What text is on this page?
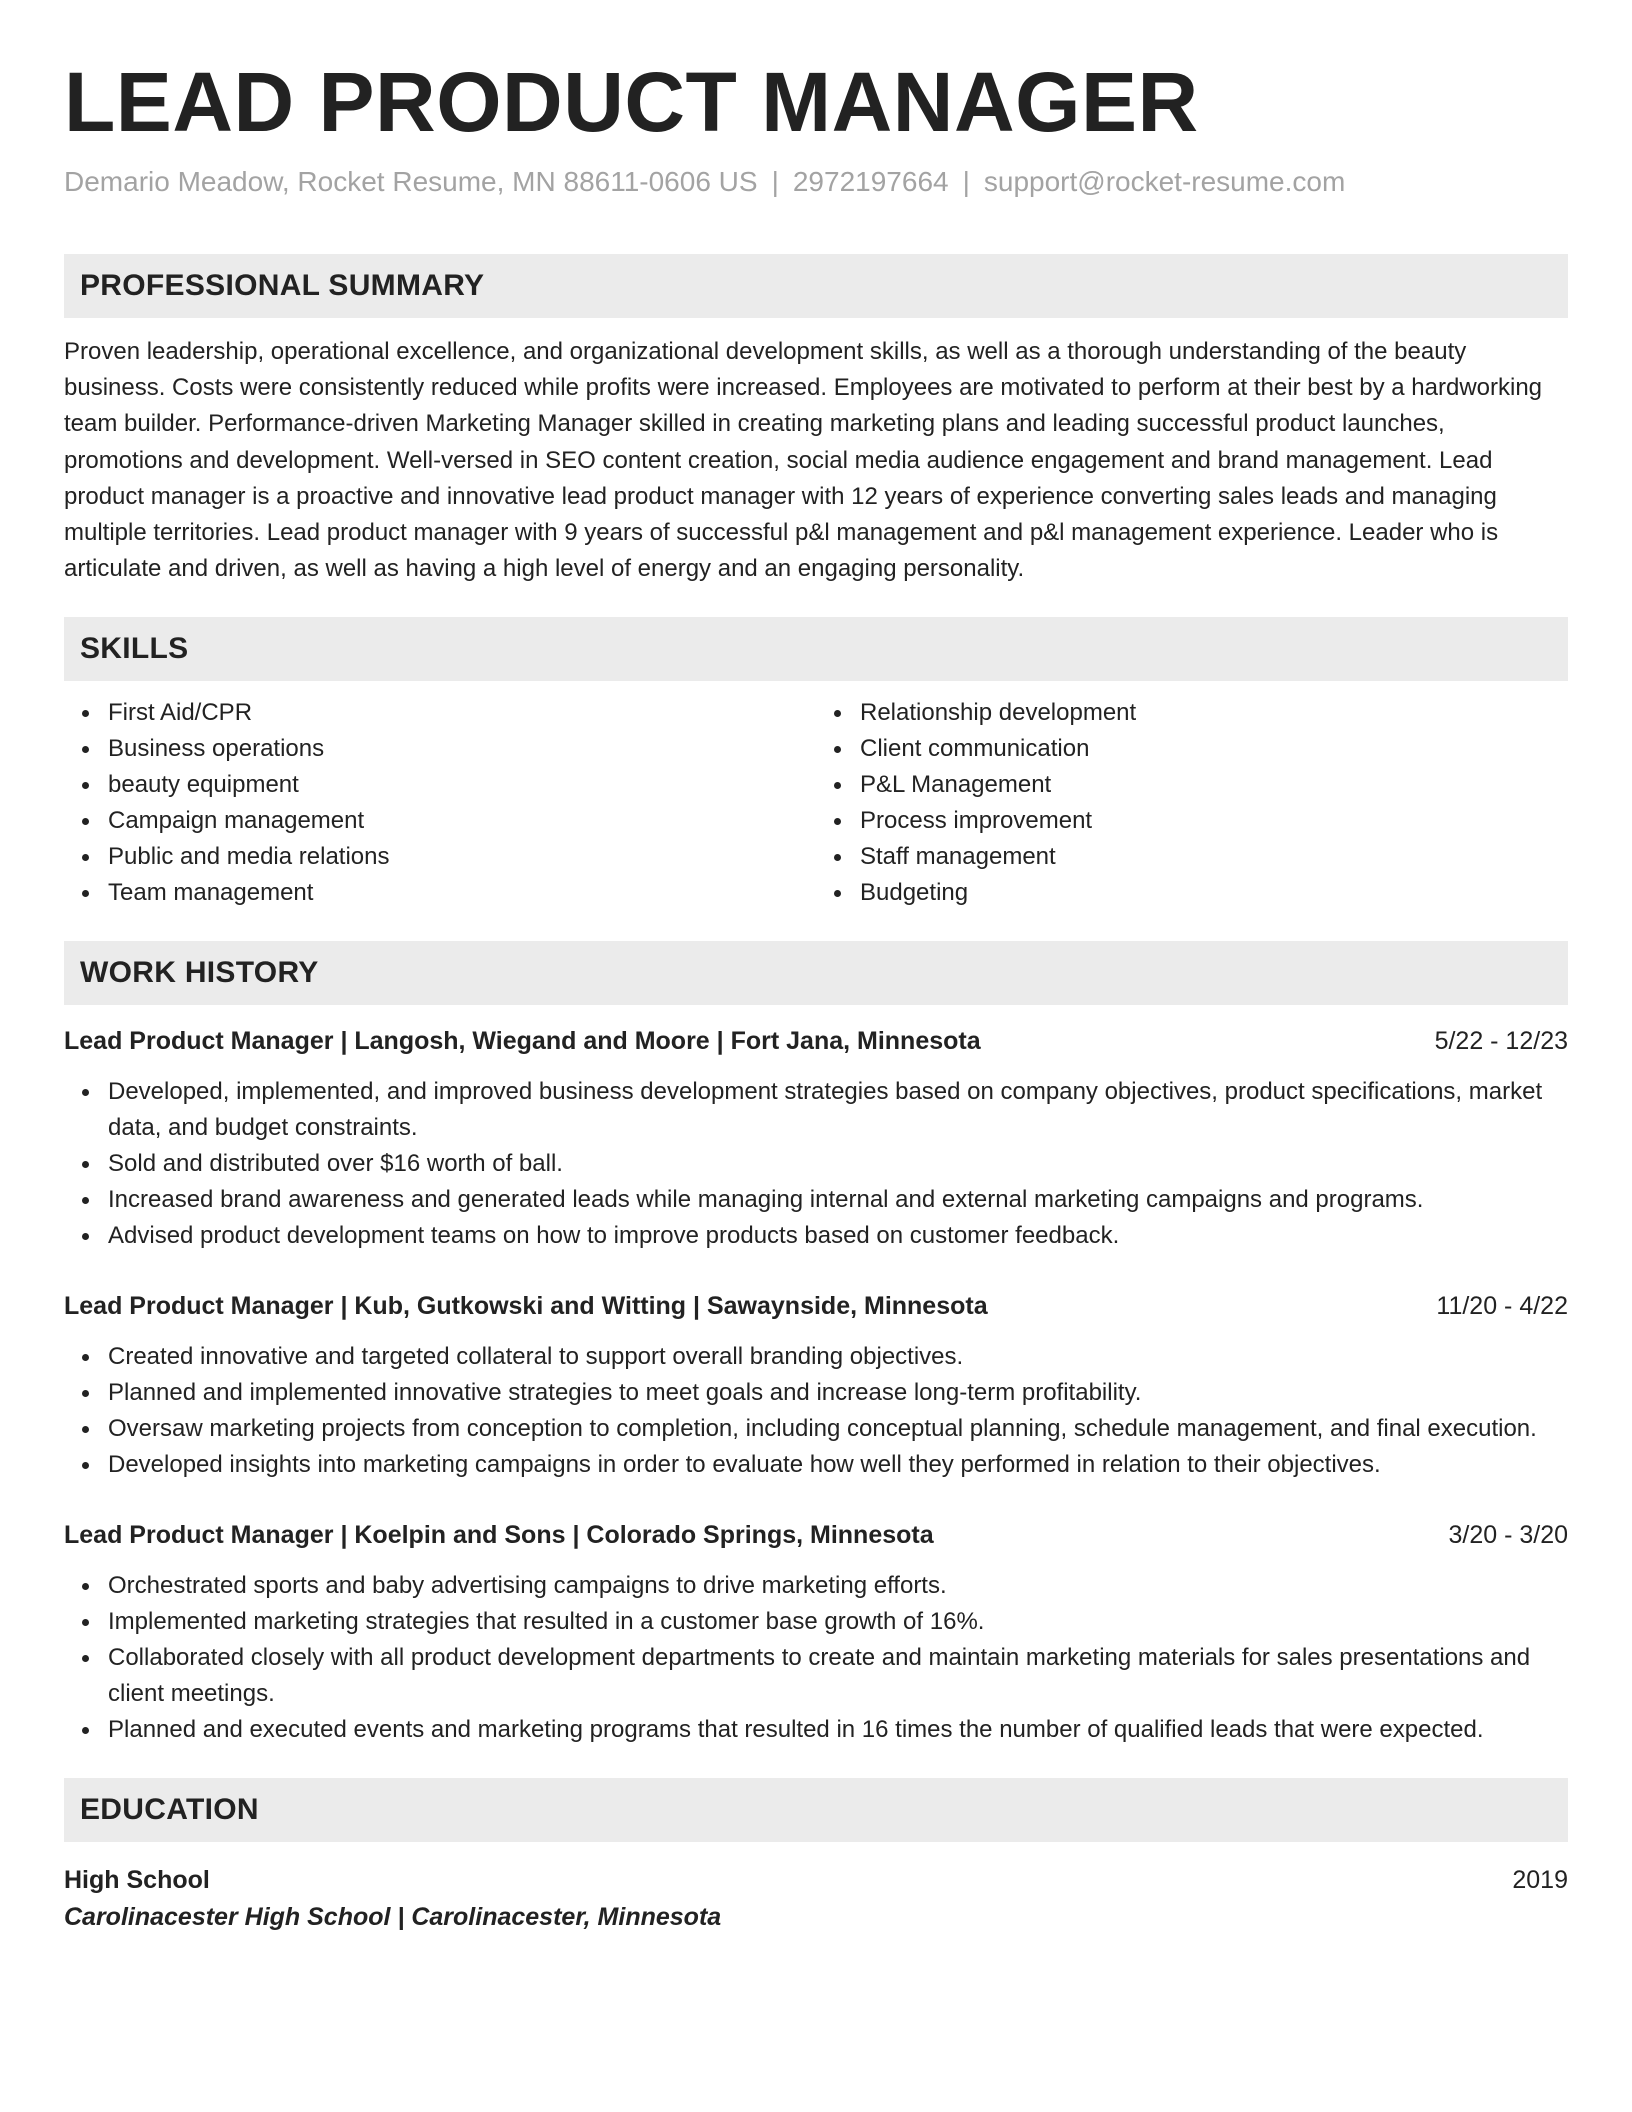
LEAD PRODUCT MANAGER
Demario Meadow, Rocket Resume, MN 88611-0606 US | 2972197664 | support@rocket-resume.com
PROFESSIONAL SUMMARY
Proven leadership, operational excellence, and organizational development skills, as well as a thorough understanding of the beauty business. Costs were consistently reduced while profits were increased. Employees are motivated to perform at their best by a hardworking team builder. Performance-driven Marketing Manager skilled in creating marketing plans and leading successful product launches, promotions and development. Well-versed in SEO content creation, social media audience engagement and brand management. Lead product manager is a proactive and innovative lead product manager with 12 years of experience converting sales leads and managing multiple territories. Lead product manager with 9 years of successful p&l management and p&l management experience. Leader who is articulate and driven, as well as having a high level of energy and an engaging personality.
SKILLS
First Aid/CPR
Business operations
beauty equipment
Campaign management
Public and media relations
Team management
Relationship development
Client communication
P&L Management
Process improvement
Staff management
Budgeting
WORK HISTORY
Lead Product Manager | Langosh, Wiegand and Moore | Fort Jana, Minnesota	5/22 - 12/23
Developed, implemented, and improved business development strategies based on company objectives, product specifications, market data, and budget constraints.
Sold and distributed over $16 worth of ball.
Increased brand awareness and generated leads while managing internal and external marketing campaigns and programs.
Advised product development teams on how to improve products based on customer feedback.
Lead Product Manager | Kub, Gutkowski and Witting | Sawaynside, Minnesota	11/20 - 4/22
Created innovative and targeted collateral to support overall branding objectives.
Planned and implemented innovative strategies to meet goals and increase long-term profitability.
Oversaw marketing projects from conception to completion, including conceptual planning, schedule management, and final execution.
Developed insights into marketing campaigns in order to evaluate how well they performed in relation to their objectives.
Lead Product Manager | Koelpin and Sons | Colorado Springs, Minnesota	3/20 - 3/20
Orchestrated sports and baby advertising campaigns to drive marketing efforts.
Implemented marketing strategies that resulted in a customer base growth of 16%.
Collaborated closely with all product development departments to create and maintain marketing materials for sales presentations and client meetings.
Planned and executed events and marketing programs that resulted in 16 times the number of qualified leads that were expected.
EDUCATION
High School	2019
Carolinacester High School | Carolinacester, Minnesota
